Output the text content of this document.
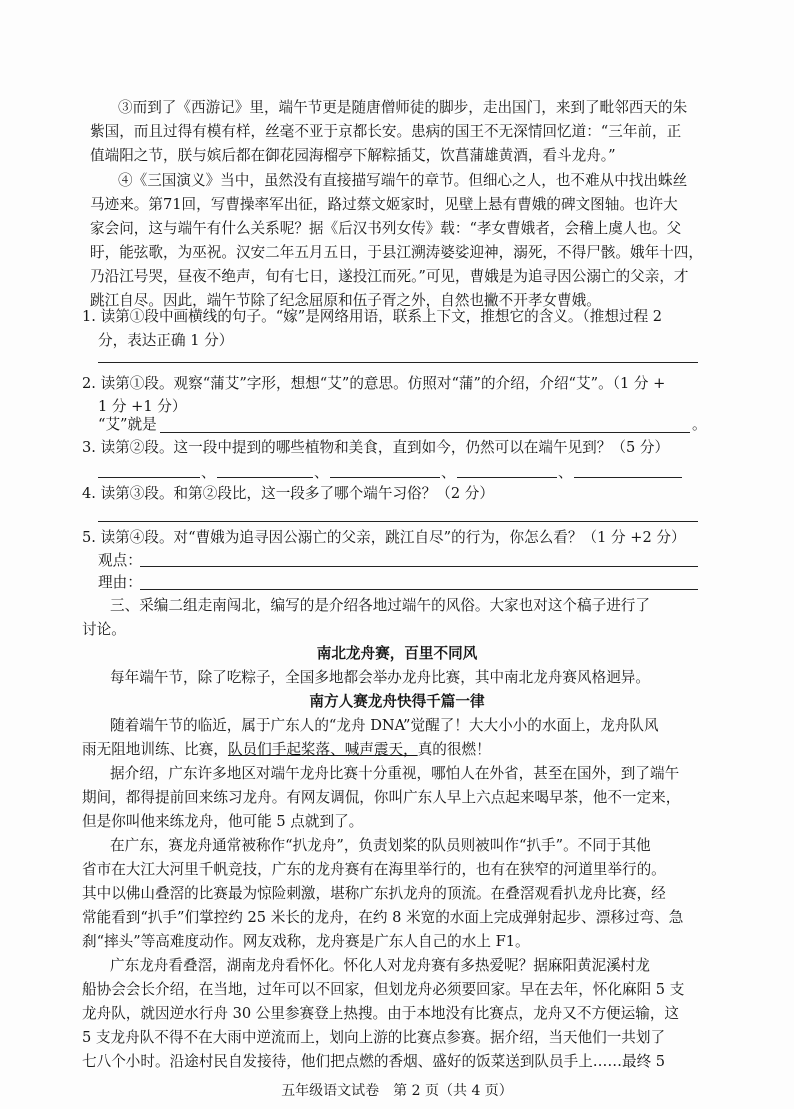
③而到了《西游记》里，端午节更是随唐僧师徒的脚步，走出国门，来到了毗邻西天的朱
紫国，而且过得有模有样，丝毫不亚于京都长安。患病的国王不无深情回忆道：“三年前，正
值端阳之节，朕与嫔后都在御花园海榴亭下解粽插艾，饮菖蒲雄黄酒，看斗龙舟。”
④《三国演义》当中，虽然没有直接描写端午的章节。但细心之人，也不难从中找出蛛丝
马迹来。第71回，写曹操率军出征，路过蔡文姬家时，见壁上悬有曹娥的碑文图轴。也许大
家会问，这与端午有什么关系呢？据《后汉书列女传》载：“孝女曹娥者，会稽上虞人也。父
盱，能弦歌，为巫祝。汉安二年五月五日，于县江溯涛婆娑迎神，溺死，不得尸骸。娥年十四，
乃沿江号哭，昼夜不绝声，旬有七日，遂投江而死。”可见，曹娥是为追寻因公溺亡的父亲，才
跳江自尽。因此，端午节除了纪念屈原和伍子胥之外，自然也撇不开孝女曹娥。
1. 读第①段中画横线的句子。“嫁”是网络用语，联系上下文，推想它的含义。（推想过程 2
分，表达正确 1 分）
2. 读第①段。观察“蒲艾”字形，想想“艾”的意思。仿照对“蒲”的介绍，介绍“艾”。（1 分 +
1 分 +1 分）
“艾”就是	。
3. 读第②段。这一段中提到的哪些植物和美食，直到如今，仍然可以在端午见到？（5 分）
、	、	、	、
4. 读第③段。和第②段比，这一段多了哪个端午习俗？（2 分）
5. 读第④段。对“曹娥为追寻因公溺亡的父亲，跳江自尽”的行为，你怎么看？（1 分 +2 分）
观点：
理由：
三、采编二组走南闯北，编写的是介绍各地过端午的风俗。大家也对这个稿子进行了
讨论。
南北龙舟赛，百里不同风
每年端午节，除了吃粽子，全国多地都会举办龙舟比赛，其中南北龙舟赛风格迥异。
南方人赛龙舟快得千篇一律
随着端午节的临近，属于广东人的“龙舟 DNA”觉醒了！大大小小的水面上，龙舟队风
雨无阻地训练、比赛，队员们手起桨落、喊声震天，真的很燃！
据介绍，广东许多地区对端午龙舟比赛十分重视，哪怕人在外省，甚至在国外，到了端午
期间，都得提前回来练习龙舟。有网友调侃，你叫广东人早上六点起来喝早茶，他不一定来，
但是你叫他来练龙舟，他可能 5 点就到了。
在广东，赛龙舟通常被称作“扒龙舟”，负责划桨的队员则被叫作“扒手”。不同于其他
省市在大江大河里千帆竞技，广东的龙舟赛有在海里举行的，也有在狭窄的河道里举行的。
其中以佛山叠滘的比赛最为惊险刺激，堪称广东扒龙舟的顶流。在叠滘观看扒龙舟比赛，经
常能看到“扒手”们掌控约 25 米长的龙舟，在约 8 米宽的水面上完成弹射起步、漂移过弯、急
刹“摔头”等高难度动作。网友戏称，龙舟赛是广东人自己的水上 F1。
广东龙舟看叠滘，湖南龙舟看怀化。怀化人对龙舟赛有多热爱呢？据麻阳黄泥溪村龙
船协会会长介绍，在当地，过年可以不回家，但划龙舟必须要回家。早在去年，怀化麻阳 5 支
龙舟队，就因逆水行舟 30 公里参赛登上热搜。由于本地没有比赛点，龙舟又不方便运输，这
5 支龙舟队不得不在大雨中逆流而上，划向上游的比赛点参赛。据介绍，当天他们一共划了
七八个小时。沿途村民自发接待，他们把点燃的香烟、盛好的饭菜送到队员手上……最终 5
五年级语文试卷　第 2 页（共 4 页）
